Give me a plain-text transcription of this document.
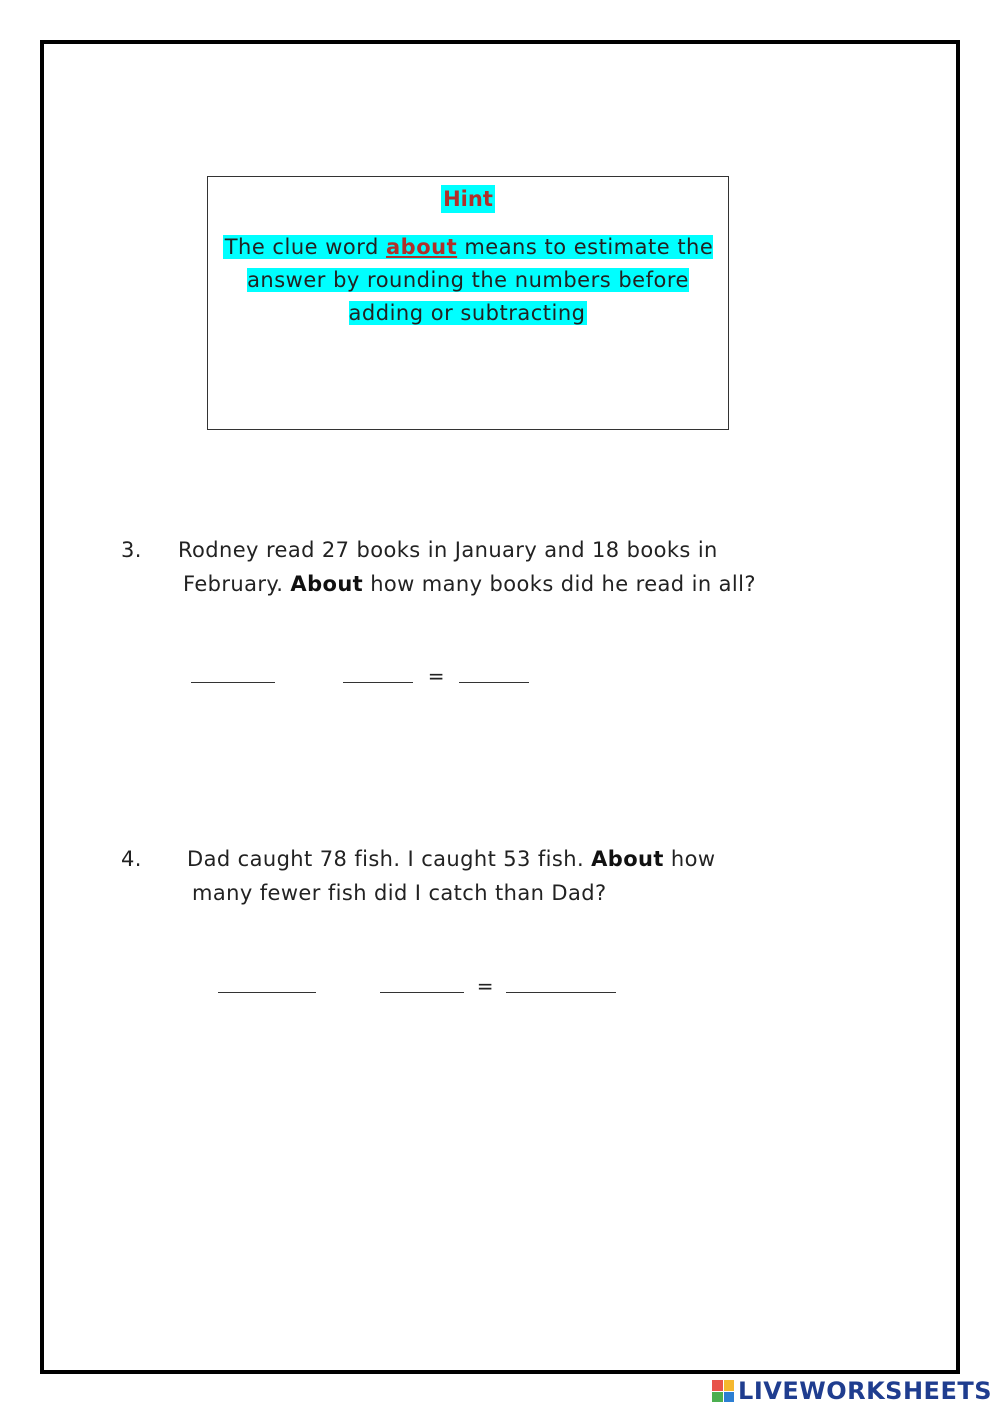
Hint
The clue word about means to estimate the answer by rounding the numbers before adding or subtracting
3. Rodney read 27 books in January and 18 books in
February. About how many books did he read in all?
=
4. Dad caught 78 fish. I caught 53 fish. About how
many fewer fish did I catch than Dad?
=
LIVEWORKSHEETS
